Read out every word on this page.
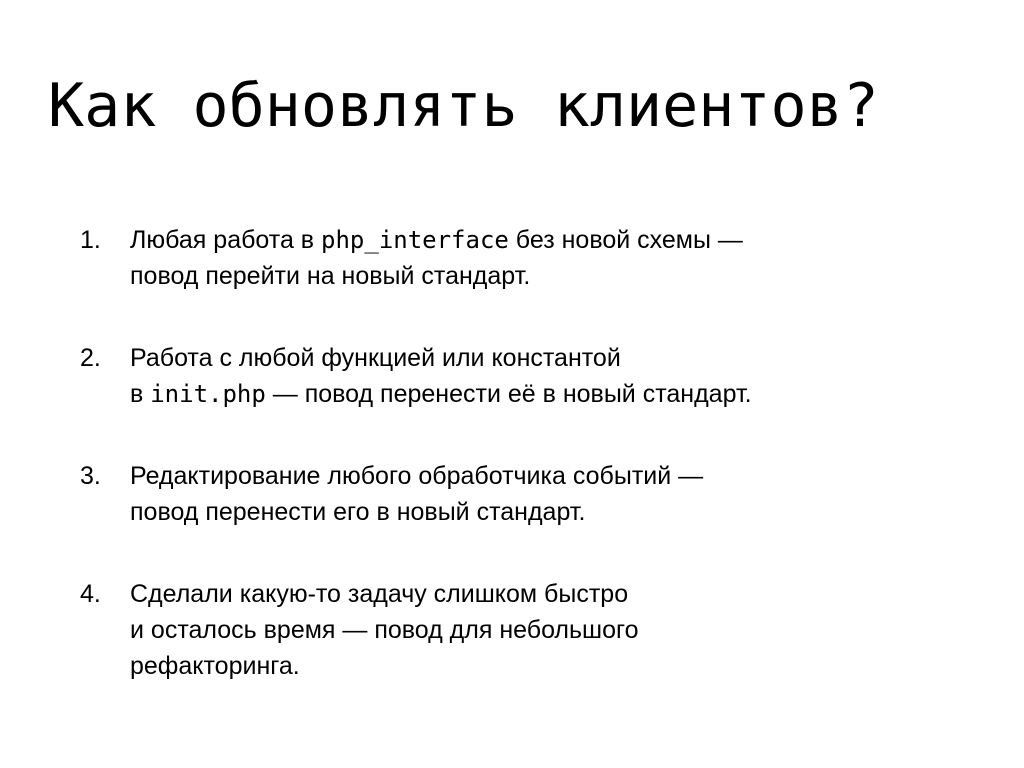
Как обновлять клиентов?
1. Любая работа в php_interface без новой схемы —
повод перейти на новый стандарт.
2. Работа с любой функцией или константой
в init.php — повод перенести её в новый стандарт.
3. Редактирование любого обработчика событий —
повод перенести его в новый стандарт.
4. Сделали какую-то задачу слишком быстро
и осталось время — повод для небольшого
рефакторинга.
